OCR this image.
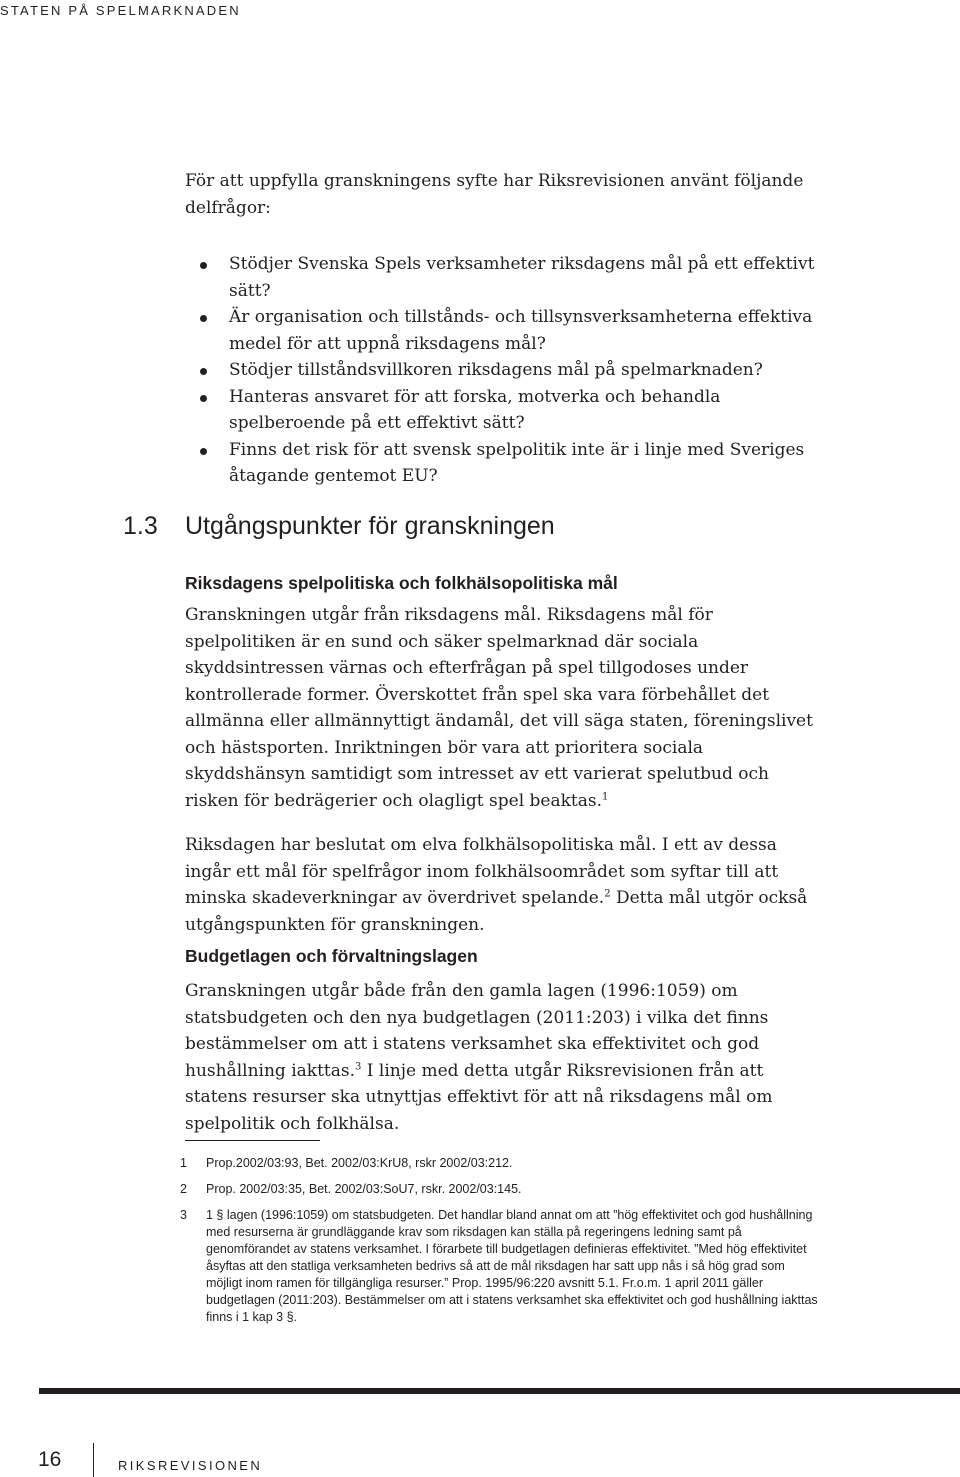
STATEN PÅ SPELMARKNADEN

För att uppfylla granskningens syfte har Riksrevisionen använt följande delfrågor:

Stödjer Svenska Spels verksamheter riksdagens mål på ett effektivt sätt?
Är organisation och tillstånds- och tillsynsverksamheterna effektiva medel för att uppnå riksdagens mål?
Stödjer tillståndsvillkoren riksdagens mål på spelmarknaden?
Hanteras ansvaret för att forska, motverka och behandla spelberoende på ett effektivt sätt?
Finns det risk för att svensk spelpolitik inte är i linje med Sveriges åtagande gentemot EU?
1.3 Utgångspunkter för granskningen
Riksdagens spelpolitiska och folkhälsopolitiska mål

Granskningen utgår från riksdagens mål. Riksdagens mål för spelpolitiken är en sund och säker spelmarknad där sociala skyddsintressen värnas och efterfrågan på spel tillgodoses under kontrollerade former. Överskottet från spel ska vara förbehållet det allmänna eller allmännyttigt ändamål, det vill säga staten, föreningslivet och hästsporten. Inriktningen bör vara att prioritera sociala skyddshänsyn samtidigt som intresset av ett varierat spelutbud och risken för bedrägerier och olagligt spel beaktas.$^1$

Riksdagen har beslutat om elva folkhälsopolitiska mål. I ett av dessa ingår ett mål för spelfrågor inom folkhälsoområdet som syftar till att minska skadeverkningar av överdrivet spelande.$^2$ Detta mål utgör också utgångspunkten för granskningen.

Budgetlagen och förvaltningslagen

Granskningen utgår både från den gamla lagen (1996:1059) om statsbudgeten och den nya budgetlagen (2011:203) i vilka det finns bestämmelser om att i statens verksamhet ska effektivitet och god hushållning iakttas.$^3$ I linje med detta utgår Riksrevisionen från att statens resurser ska utnyttjas effektivt för att nå riksdagens mål om spelpolitik och folkhälsa.

1 Prop.2002/03:93, Bet. 2002/03:KrU8, rskr 2002/03:212.
2 Prop. 2002/03:35, Bet. 2002/03:SoU7, rskr. 2002/03:145.
3 1 § lagen (1996:1059) om statsbudgeten. Det handlar bland annat om att ”hög effektivitet och god hushållning med resurserna är grundläggande krav som riksdagen kan ställa på regeringens ledning samt på genomförandet av statens verksamhet. I förarbete till budgetlagen definieras effektivitet. ”Med hög effektivitet åsyftas att den statliga verksamheten bedrivs så att de mål riksdagen har satt upp nås i så hög grad som möjligt inom ramen för tillgängliga resurser.” Prop. 1995/96:220 avsnitt 5.1. Fr.o.m. 1 april 2011 gäller budgetlagen (2011:203). Bestämmelser om att i statens verksamhet ska effektivitet och god hushållning iakttas finns i 1 kap 3 §.
16	RIKSREVISIONEN
